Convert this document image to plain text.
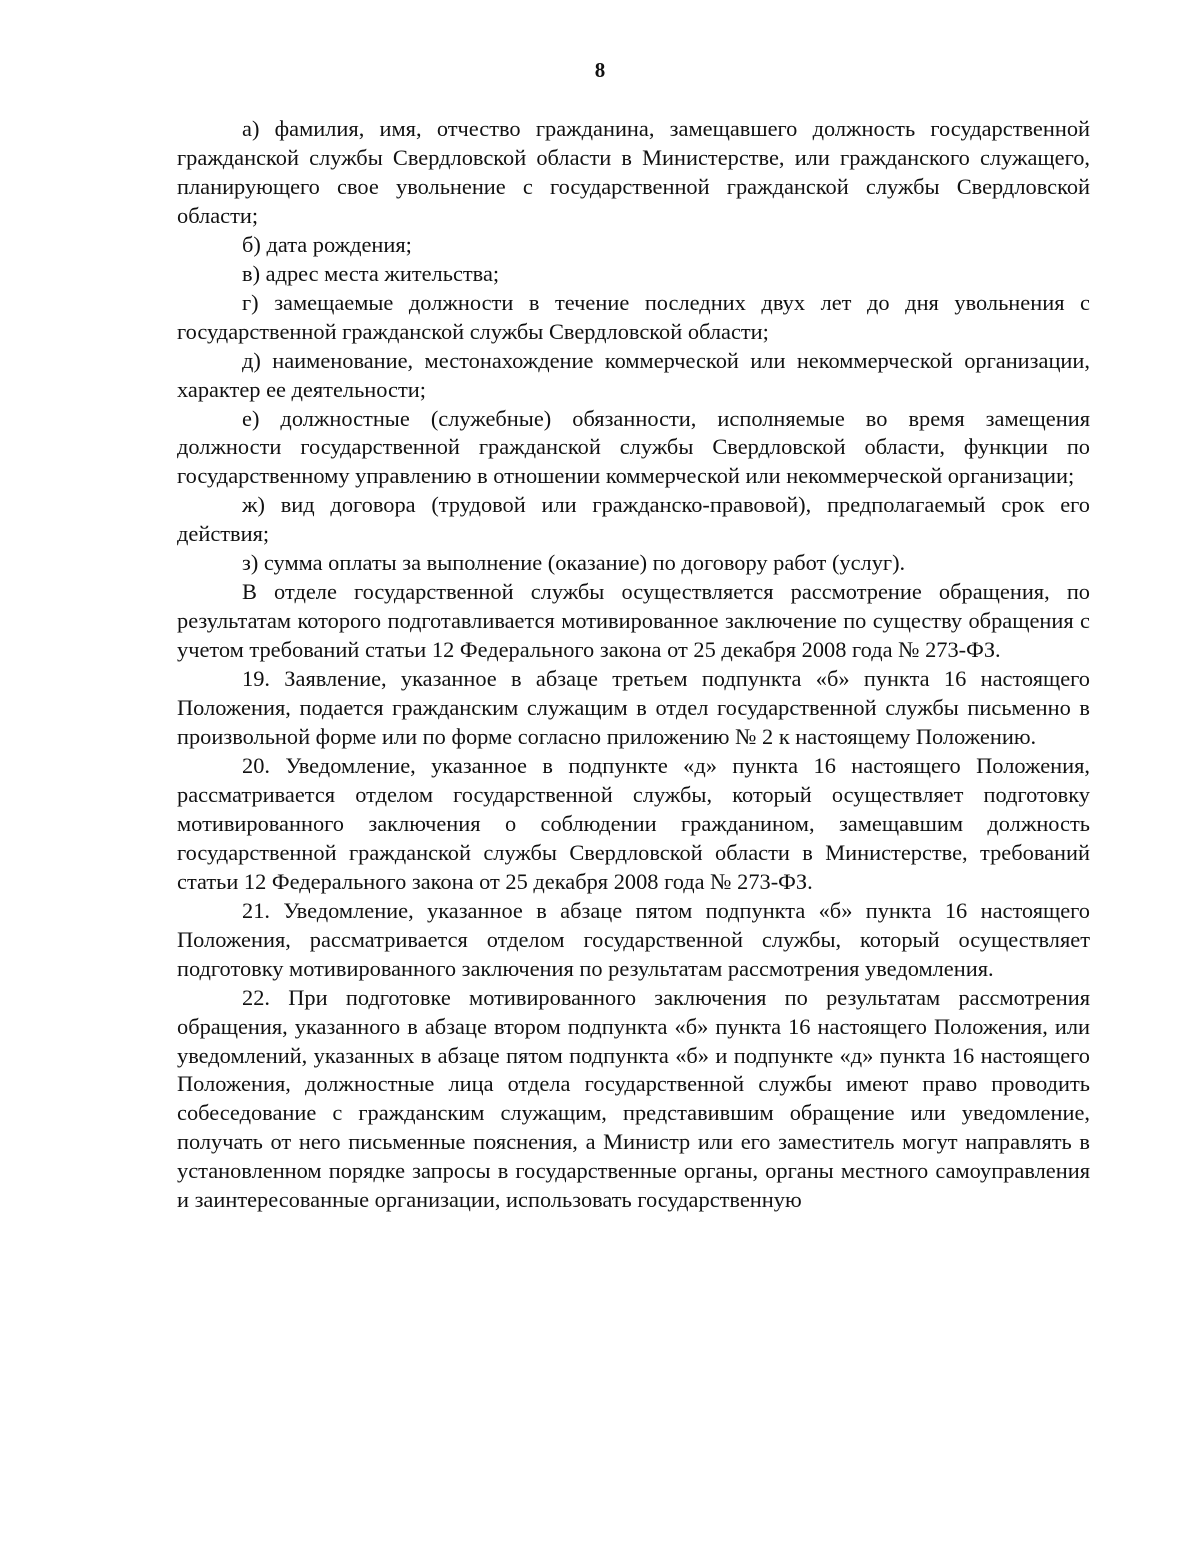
8

а) фамилия, имя, отчество гражданина, замещавшего должность государственной гражданской службы Свердловской области в Министерстве, или гражданского служащего, планирующего свое увольнение с государственной гражданской службы Свердловской области;

б) дата рождения;

в) адрес места жительства;

г) замещаемые должности в течение последних двух лет до дня увольнения с государственной гражданской службы Свердловской области;

д) наименование, местонахождение коммерческой или некоммерческой организации, характер ее деятельности;

е) должностные (служебные) обязанности, исполняемые во время замещения должности государственной гражданской службы Свердловской области, функции по государственному управлению в отношении коммерческой или некоммерческой организации;

ж) вид договора (трудовой или гражданско-правовой), предполагаемый срок его действия;

з) сумма оплаты за выполнение (оказание) по договору работ (услуг).

В отделе государственной службы осуществляется рассмотрение обращения, по результатам которого подготавливается мотивированное заключение по существу обращения с учетом требований статьи 12 Федерального закона от 25 декабря 2008 года № 273-ФЗ.

19. Заявление, указанное в абзаце третьем подпункта «б» пункта 16 настоящего Положения, подается гражданским служащим в отдел государственной службы письменно в произвольной форме или по форме согласно приложению № 2 к настоящему Положению.

20. Уведомление, указанное в подпункте «д» пункта 16 настоящего Положения, рассматривается отделом государственной службы, который осуществляет подготовку мотивированного заключения о соблюдении гражданином, замещавшим должность государственной гражданской службы Свердловской области в Министерстве, требований статьи 12 Федерального закона от 25 декабря 2008 года № 273-ФЗ.

21. Уведомление, указанное в абзаце пятом подпункта «б» пункта 16 настоящего Положения, рассматривается отделом государственной службы, который осуществляет подготовку мотивированного заключения по результатам рассмотрения уведомления.

22. При подготовке мотивированного заключения по результатам рассмотрения обращения, указанного в абзаце втором подпункта «б» пункта 16 настоящего Положения, или уведомлений, указанных в абзаце пятом подпункта «б» и подпункте «д» пункта 16 настоящего Положения, должностные лица отдела государственной службы имеют право проводить собеседование с гражданским служащим, представившим обращение или уведомление, получать от него письменные пояснения, а Министр или его заместитель могут направлять в установленном порядке запросы в государственные органы, органы местного самоуправления и заинтересованные организации, использовать государственную
